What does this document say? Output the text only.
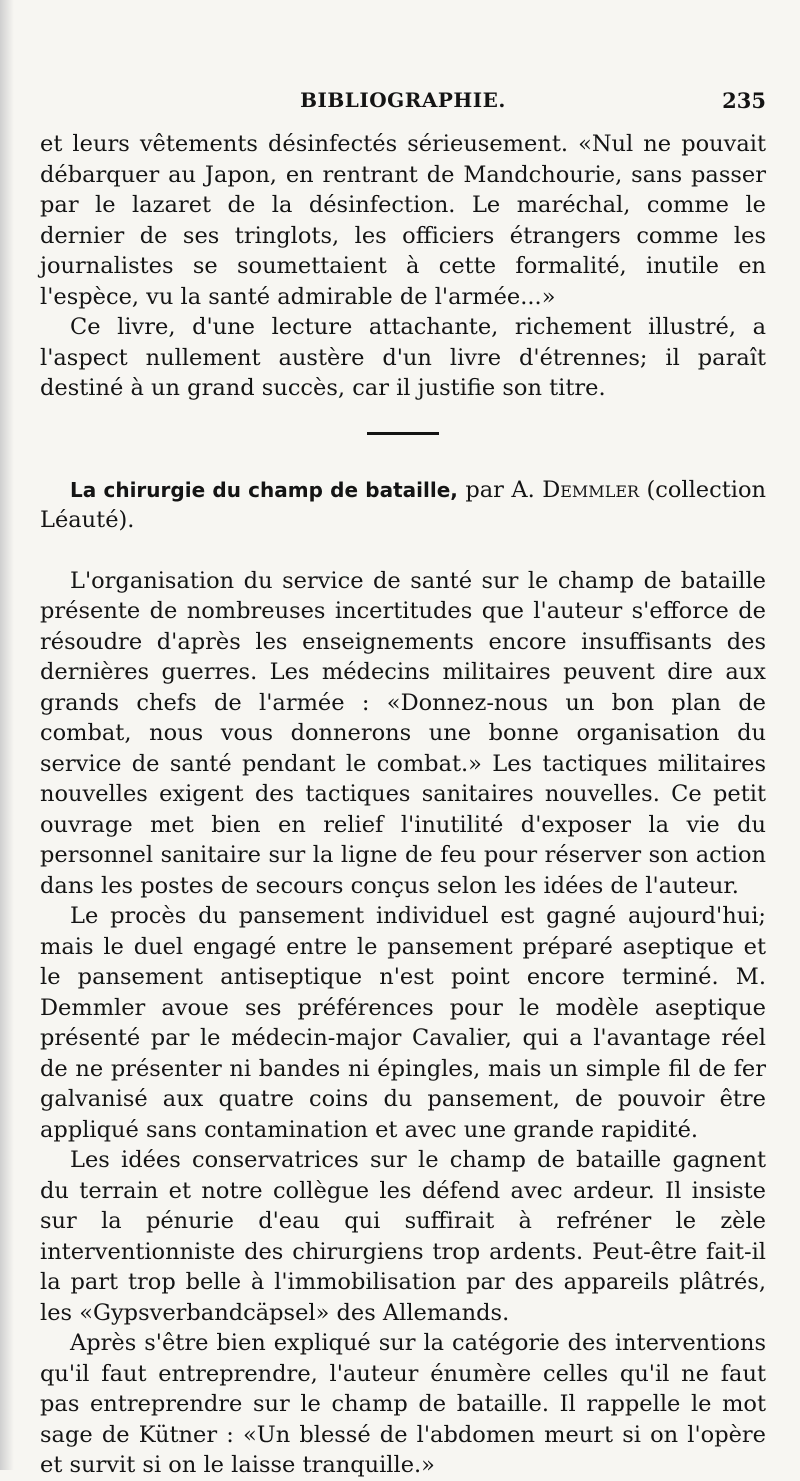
BIBLIOGRAPHIE.	235

et leurs vêtements désinfectés sérieusement. «Nul ne pouvait débarquer au Japon, en rentrant de Mandchourie, sans passer par le lazaret de la désinfection. Le maréchal, comme le dernier de ses tringlots, les officiers étrangers comme les journalistes se soumettaient à cette formalité, inutile en l'espèce, vu la santé admirable de l'armée...»

Ce livre, d'une lecture attachante, richement illustré, a l'aspect nullement austère d'un livre d'étrennes; il paraît destiné à un grand succès, car il justifie son titre.

La chirurgie du champ de bataille, par A. Demmler (collection Léauté).

L'organisation du service de santé sur le champ de bataille présente de nombreuses incertitudes que l'auteur s'efforce de résoudre d'après les enseignements encore insuffisants des dernières guerres. Les médecins militaires peuvent dire aux grands chefs de l'armée : «Donnez-nous un bon plan de combat, nous vous donnerons une bonne organisation du service de santé pendant le combat.» Les tactiques militaires nouvelles exigent des tactiques sanitaires nouvelles. Ce petit ouvrage met bien en relief l'inutilité d'exposer la vie du personnel sanitaire sur la ligne de feu pour réserver son action dans les postes de secours conçus selon les idées de l'auteur.

Le procès du pansement individuel est gagné aujourd'hui; mais le duel engagé entre le pansement préparé aseptique et le pansement antiseptique n'est point encore terminé. M. Demmler avoue ses préférences pour le modèle aseptique présenté par le médecin-major Cavalier, qui a l'avantage réel de ne présenter ni bandes ni épingles, mais un simple fil de fer galvanisé aux quatre coins du pansement, de pouvoir être appliqué sans contamination et avec une grande rapidité.

Les idées conservatrices sur le champ de bataille gagnent du terrain et notre collègue les défend avec ardeur. Il insiste sur la pénurie d'eau qui suffirait à refréner le zèle interventionniste des chirurgiens trop ardents. Peut-être fait-il la part trop belle à l'immobilisation par des appareils plâtrés, les «Gypsverbandcäpsel» des Allemands.

Après s'être bien expliqué sur la catégorie des interventions qu'il faut entreprendre, l'auteur énumère celles qu'il ne faut pas entreprendre sur le champ de bataille. Il rappelle le mot sage de Kütner : «Un blessé de l'abdomen meurt si on l'opère et survit si on le laisse tranquille.»
